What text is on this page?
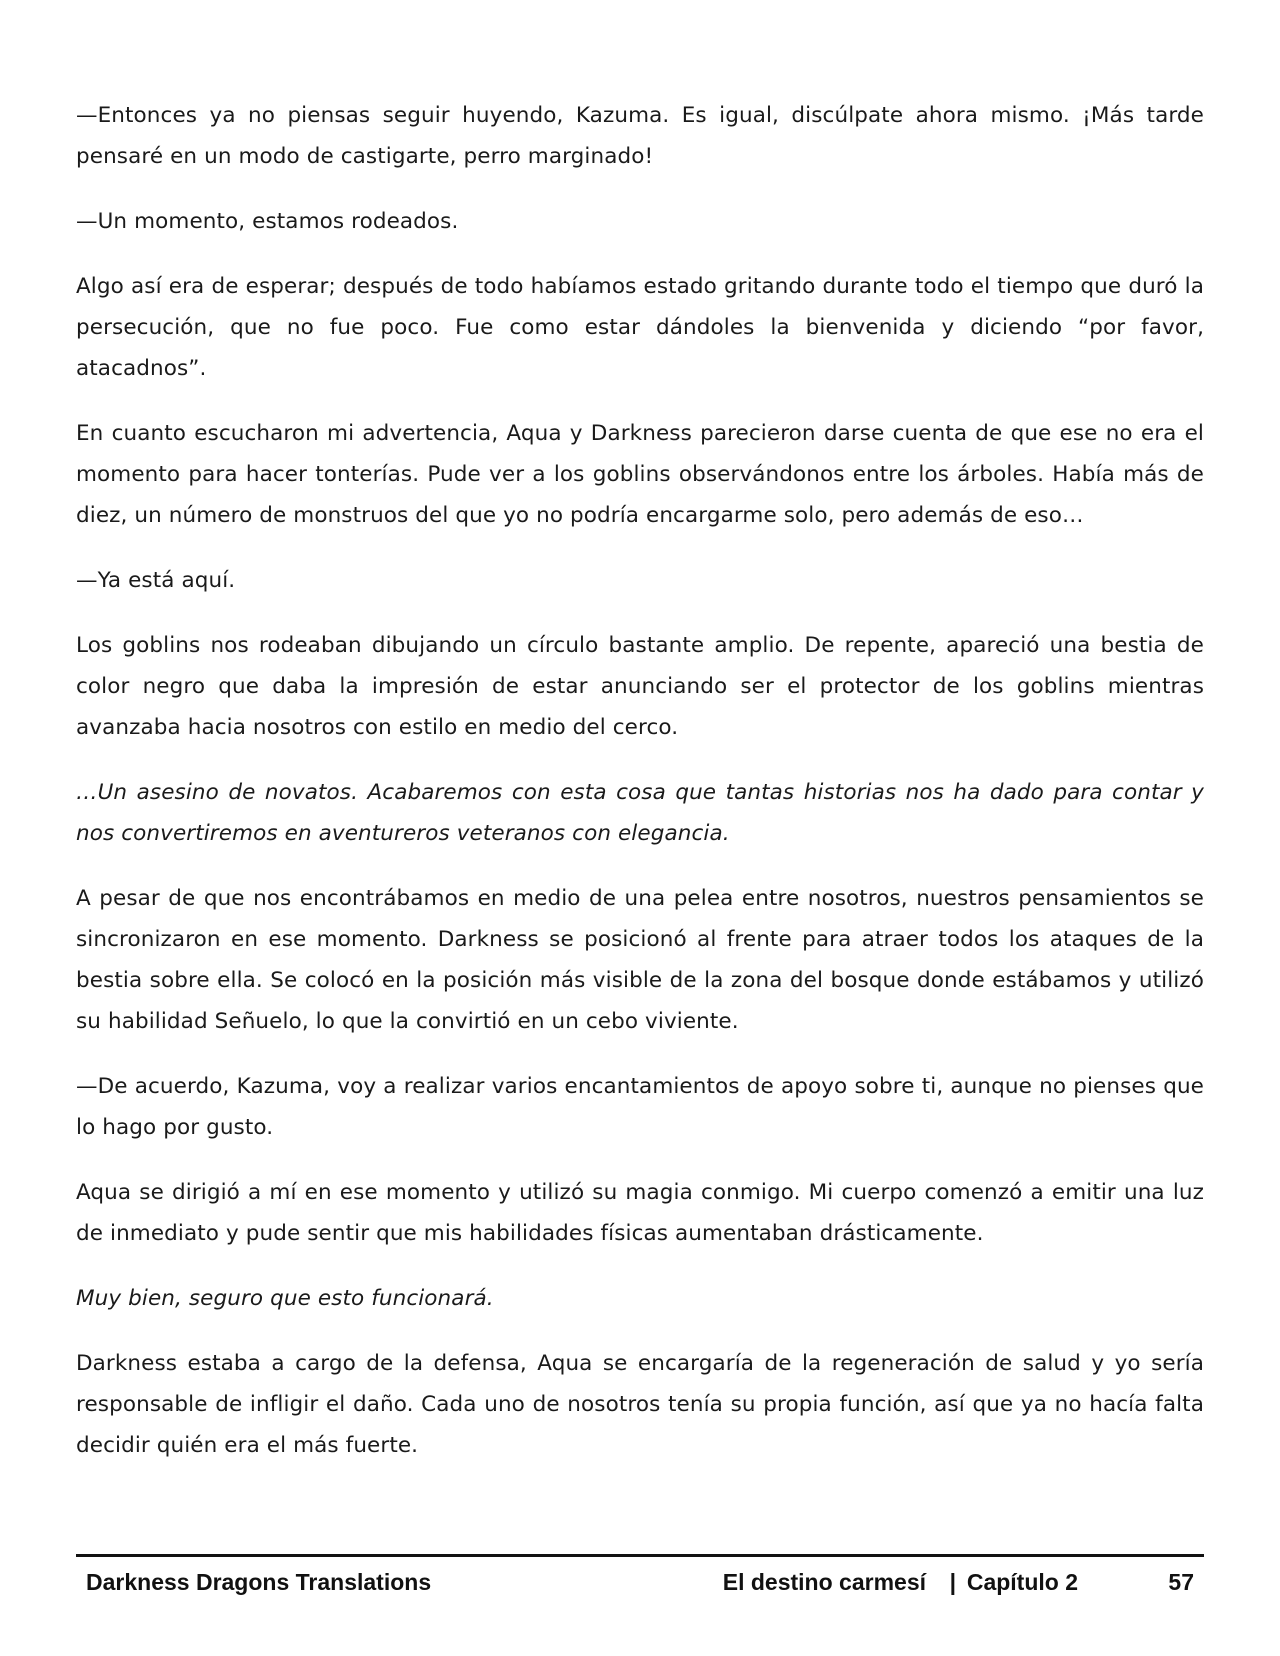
—Entonces ya no piensas seguir huyendo, Kazuma. Es igual, discúlpate ahora mismo. ¡Más tarde pensaré en un modo de castigarte, perro marginado!

—Un momento, estamos rodeados.

Algo así era de esperar; después de todo habíamos estado gritando durante todo el tiempo que duró la persecución, que no fue poco. Fue como estar dándoles la bienvenida y diciendo “por favor, atacadnos”.

En cuanto escucharon mi advertencia, Aqua y Darkness parecieron darse cuenta de que ese no era el momento para hacer tonterías. Pude ver a los goblins observándonos entre los árboles. Había más de diez, un número de monstruos del que yo no podría encargarme solo, pero además de eso…

—Ya está aquí.

Los goblins nos rodeaban dibujando un círculo bastante amplio. De repente, apareció una bestia de color negro que daba la impresión de estar anunciando ser el protector de los goblins mientras avanzaba hacia nosotros con estilo en medio del cerco.

…Un asesino de novatos. Acabaremos con esta cosa que tantas historias nos ha dado para contar y nos convertiremos en aventureros veteranos con elegancia.

A pesar de que nos encontrábamos en medio de una pelea entre nosotros, nuestros pensamientos se sincronizaron en ese momento. Darkness se posicionó al frente para atraer todos los ataques de la bestia sobre ella. Se colocó en la posición más visible de la zona del bosque donde estábamos y utilizó su habilidad Señuelo, lo que la convirtió en un cebo viviente.

—De acuerdo, Kazuma, voy a realizar varios encantamientos de apoyo sobre ti, aunque no pienses que lo hago por gusto.

Aqua se dirigió a mí en ese momento y utilizó su magia conmigo. Mi cuerpo comenzó a emitir una luz de inmediato y pude sentir que mis habilidades físicas aumentaban drásticamente.

Muy bien, seguro que esto funcionará.

Darkness estaba a cargo de la defensa, Aqua se encargaría de la regeneración de salud y yo sería responsable de infligir el daño. Cada uno de nosotros tenía su propia función, así que ya no hacía falta decidir quién era el más fuerte.

Darkness Dragons Translations	El destino carmesí | Capítulo 2	57
